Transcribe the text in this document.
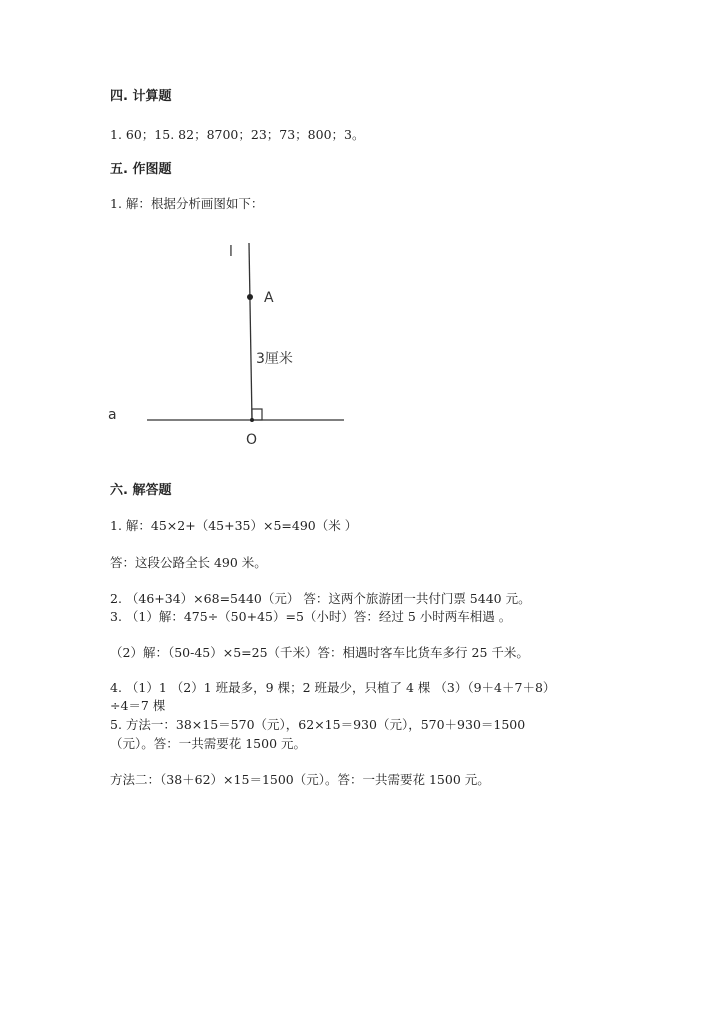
四. 计算题
1. 60；15. 82；8700；23；73；800；3。
五. 作图题
1. 解：根据分析画图如下：
l
A
3厘米
a
O
六. 解答题
1. 解：45×2+（45+35）×5=490（米 ）
答：这段公路全长 490 米。
2. （46+34）×68=5440（元） 答：这两个旅游团一共付门票 5440 元。
3. （1）解：475÷（50+45）=5（小时）答：经过 5 小时两车相遇 。
（2）解：（50-45）×5=25（千米）答：相遇时客车比货车多行 25 千米。
4. （1）1 （2）1 班最多，9 棵；2 班最少，只植了 4 棵 （3）（9＋4＋7＋8）
÷4＝7 棵
5. 方法一：38×15＝570（元），62×15＝930（元），570＋930＝1500
（元）。答：一共需要花 1500 元。
方法二：（38＋62）×15＝1500（元）。答：一共需要花 1500 元。
